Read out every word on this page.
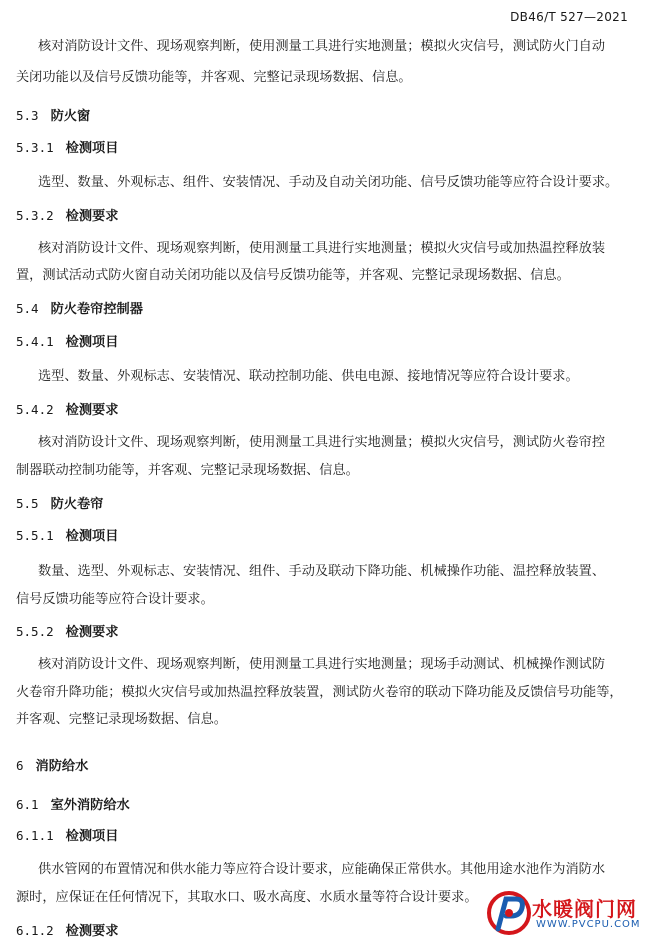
DB46/T 527—2021
核对消防设计文件、现场观察判断，使用测量工具进行实地测量；模拟火灾信号，测试防火门自动
关闭功能以及信号反馈功能等，并客观、完整记录现场数据、信息。
5.3 防火窗
5.3.1 检测项目
选型、数量、外观标志、组件、安装情况、手动及自动关闭功能、信号反馈功能等应符合设计要求。
5.3.2 检测要求
核对消防设计文件、现场观察判断，使用测量工具进行实地测量；模拟火灾信号或加热温控释放装
置，测试活动式防火窗自动关闭功能以及信号反馈功能等，并客观、完整记录现场数据、信息。
5.4 防火卷帘控制器
5.4.1 检测项目
选型、数量、外观标志、安装情况、联动控制功能、供电电源、接地情况等应符合设计要求。
5.4.2 检测要求
核对消防设计文件、现场观察判断，使用测量工具进行实地测量；模拟火灾信号，测试防火卷帘控
制器联动控制功能等，并客观、完整记录现场数据、信息。
5.5 防火卷帘
5.5.1 检测项目
数量、选型、外观标志、安装情况、组件、手动及联动下降功能、机械操作功能、温控释放装置、
信号反馈功能等应符合设计要求。
5.5.2 检测要求
核对消防设计文件、现场观察判断，使用测量工具进行实地测量；现场手动测试、机械操作测试防
火卷帘升降功能；模拟火灾信号或加热温控释放装置，测试防火卷帘的联动下降功能及反馈信号功能等，
并客观、完整记录现场数据、信息。
6 消防给水
6.1 室外消防给水
6.1.1 检测项目
供水管网的布置情况和供水能力等应符合设计要求，应能确保正常供水。其他用途水池作为消防水
源时，应保证在任何情况下，其取水口、吸水高度、水质水量等符合设计要求。
6.1.2 检测要求
水暖阀门网
WWW.PVCPU.COM
